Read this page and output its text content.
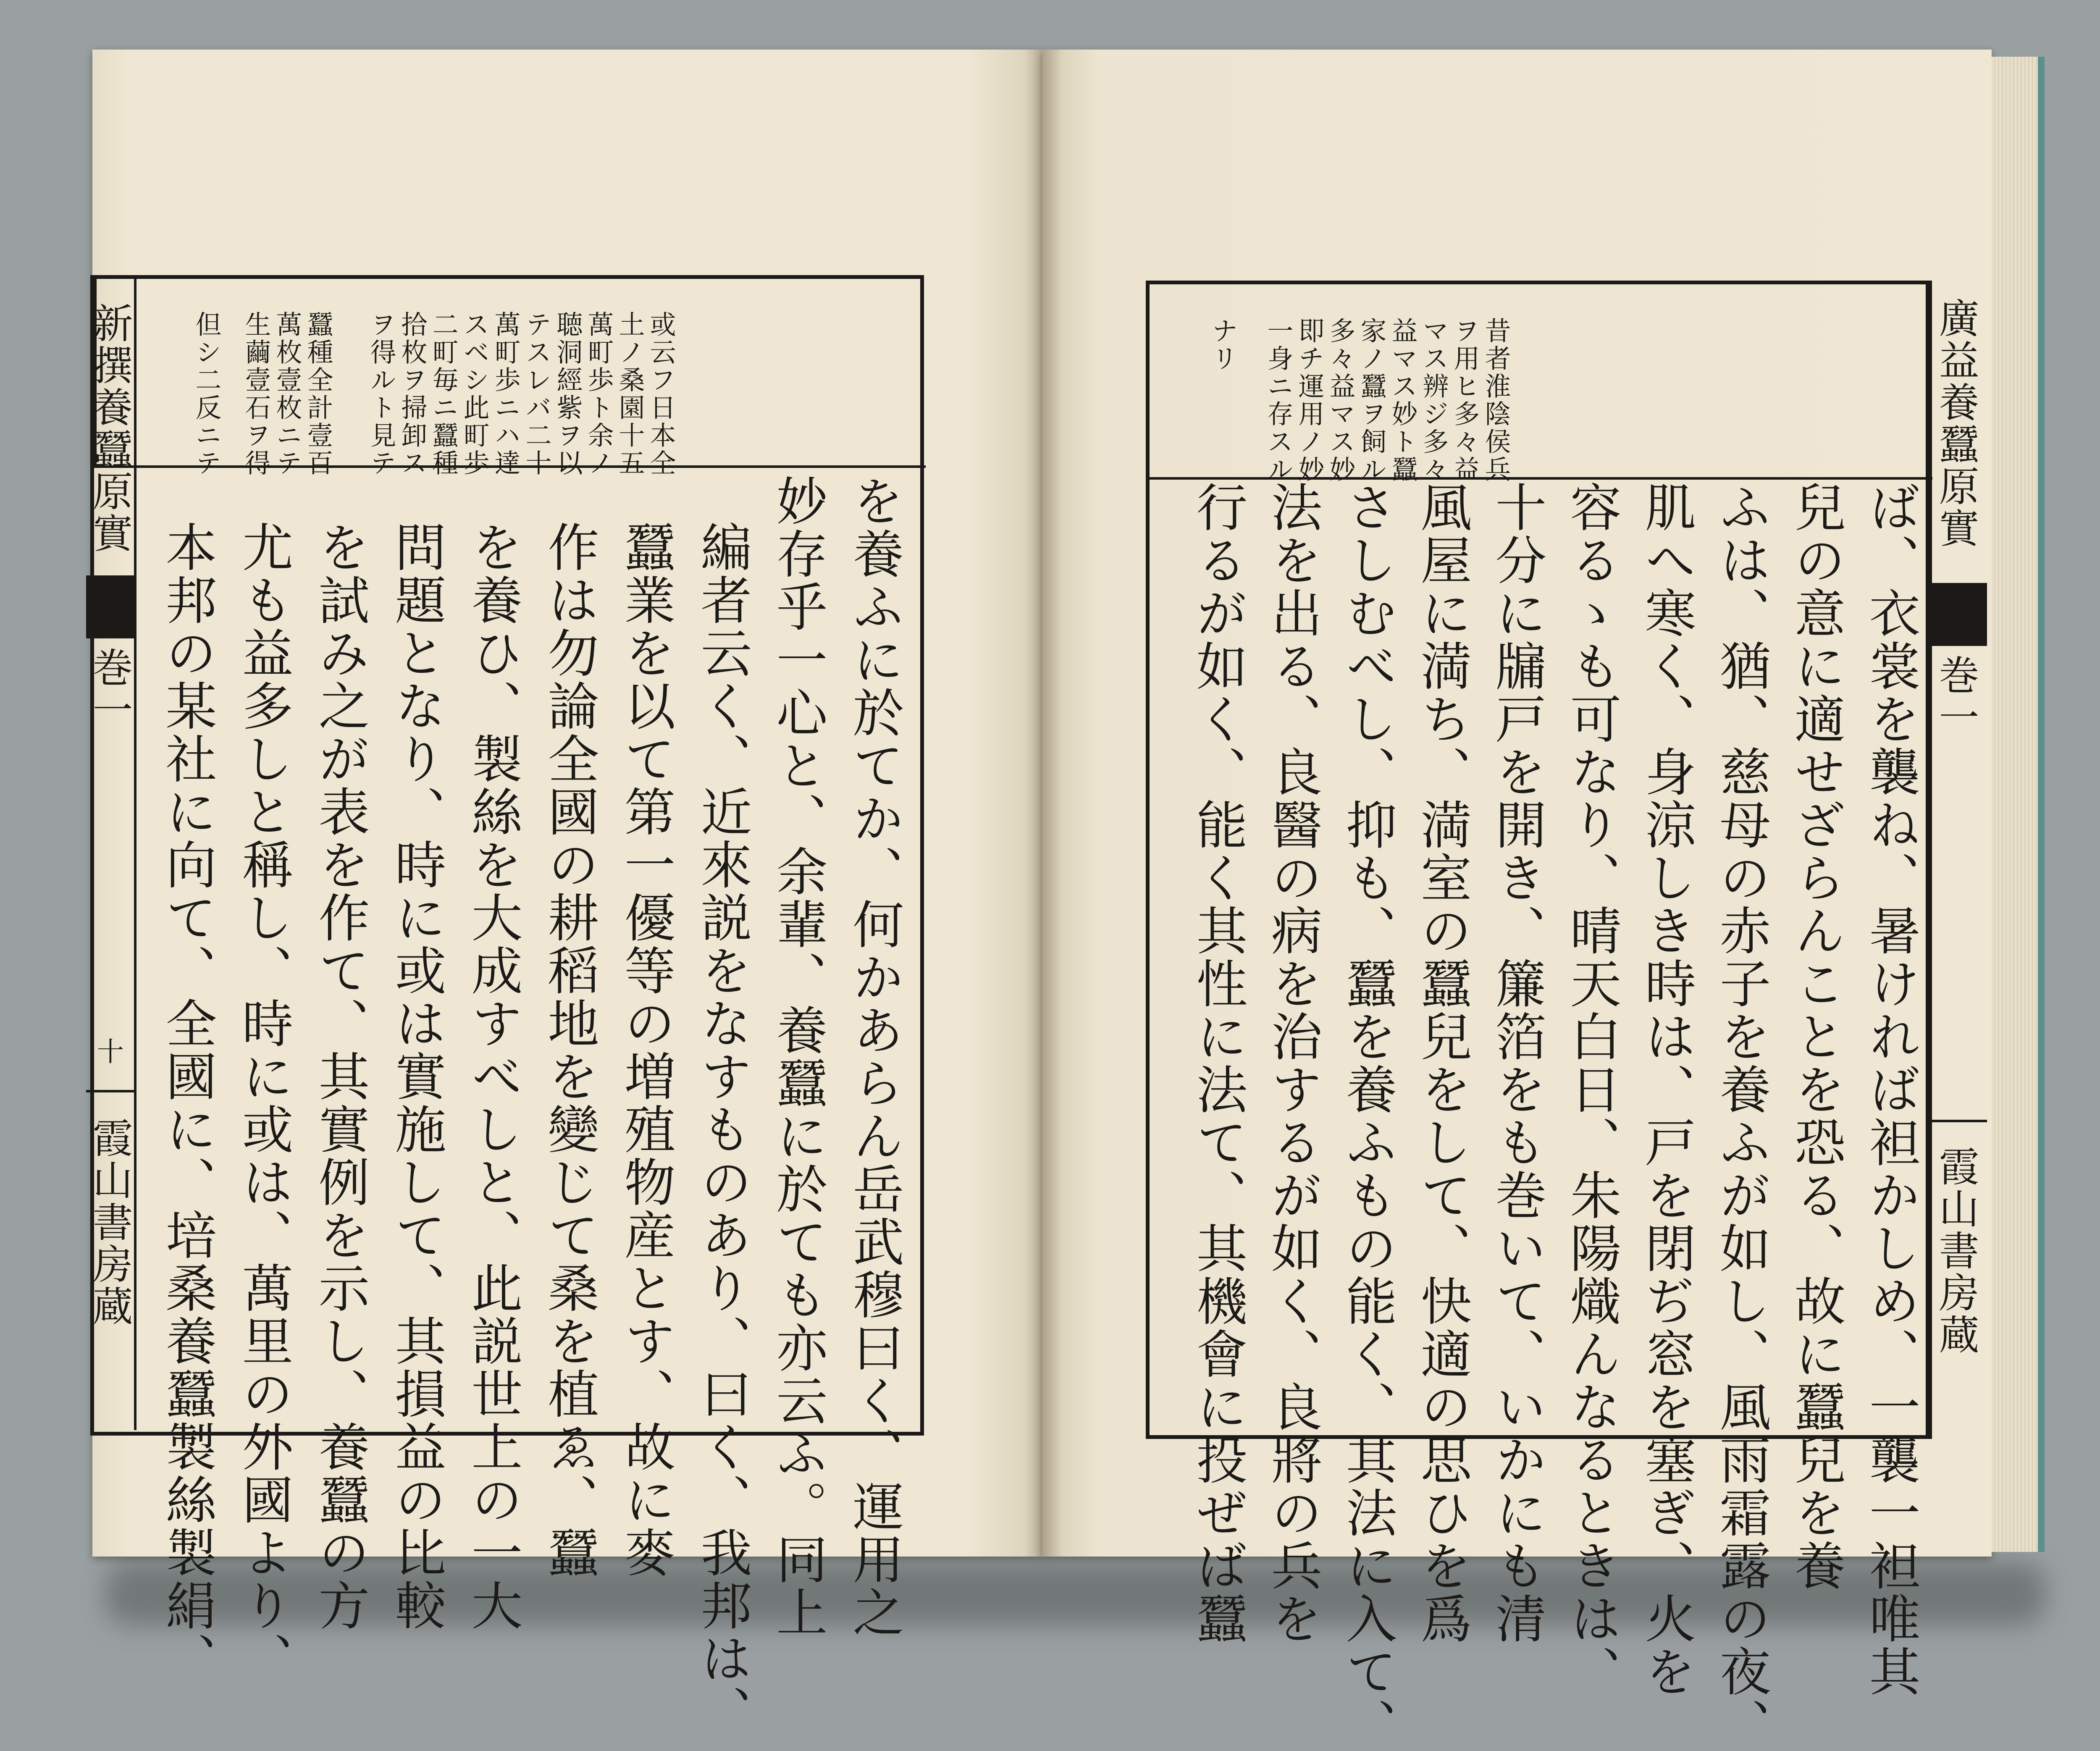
新撰養蠶原實
巻一
十
霞山書房蔵
或云フ日本全
土ノ桑園十五
萬町歩ト余ノ
聴洞經紫ヲ以
テスレバ二十
萬町歩ニハ達
スベシ此町歩
二町毎ニ蠶種
拾枚ヲ掃卸ス
ヲ得ルト見テ
蠶種全計壹百
萬枚壹枚ニテ
生繭壹石ヲ得
但シ二反ニテ
を養ふに於てか、何かあらん岳武穆曰く、運用之
妙存乎一心と、余輩、養蠶に於ても亦云ふ。同上
編者云く、近來説をなすものあり、曰く、我邦は、
蠶業を以て第一優等の増殖物産とす、故に麥
作は勿論全國の耕稻地を變じて桑を植ゑ、蠶
を養ひ、製絲を大成すべしと、此説世上の一大
問題となり、時に或は實施して、其損益の比較
を試み之が表を作て、其實例を示し、養蠶の方
尤も益多しと稱し、時に或は、萬里の外國より、
本邦の某社に向て、全國に、培桑養蠶製絲製絹、
昔者淮陰侯兵
ヲ用ヒ多々益
マス辨ジ多々
益マス妙ト蠶
家ノ蠶ヲ飼ル
多々益マス妙
即チ運用ノ妙
一身ニ存スル
ナリ
ば、衣裳を襲ね、暑ければ袒かしめ、一襲一袒唯其
兒の意に適せざらんことを恐る、故に蠶兒を養
ふは、猶、慈母の赤子を養ふが如し、風雨霜露の夜、
肌へ寒く、身涼しき時は、戸を閉ぢ窓を塞ぎ、火を
容るゝも可なり、晴天白日、朱陽熾んなるときは、
十分に牖戸を開き、簾箔をも巻いて、いかにも清
風屋に満ち、満室の蠶兒をして、快適の思ひを爲
さしむべし、抑も、蠶を養ふもの能く、其法に入て、
法を出る、良醫の病を治するが如く、良將の兵を
行るが如く、能く其性に法て、其機會に投ぜば蠶
廣益養蠶原實
巻一
霞山書房蔵
